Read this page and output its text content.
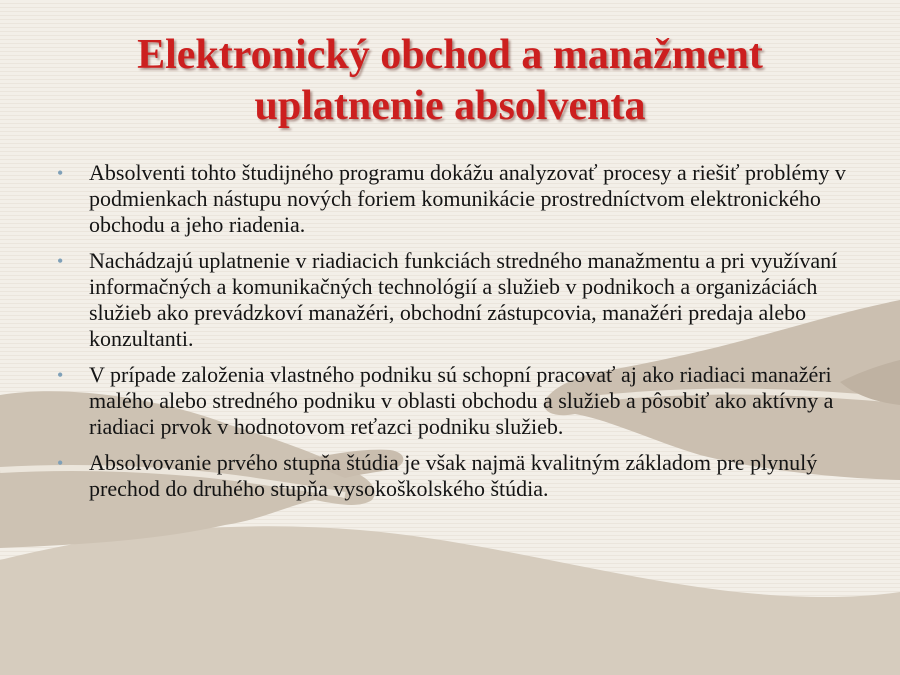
Elektronický obchod a manažment
uplatnenie absolventa
• Absolventi tohto študijného programu dokážu analyzovať procesy a riešiť problémy v podmienkach nástupu nových foriem komunikácie prostredníctvom elektronického obchodu a jeho riadenia.
• Nachádzajú uplatnenie v riadiacich funkciách stredného manažmentu a pri využívaní informačných a komunikačných technológií a služieb v podnikoch a organizáciách služieb ako prevádzkoví manažéri, obchodní zástupcovia, manažéri predaja alebo konzultanti.
• V prípade založenia vlastného podniku sú schopní pracovať aj ako riadiaci manažéri malého alebo stredného podniku v oblasti obchodu a služieb a pôsobiť ako aktívny a riadiaci prvok v hodnotovom reťazci podniku služieb.
• Absolvovanie prvého stupňa štúdia je však najmä kvalitným základom pre plynulý prechod do druhého stupňa vysokoškolského štúdia.
